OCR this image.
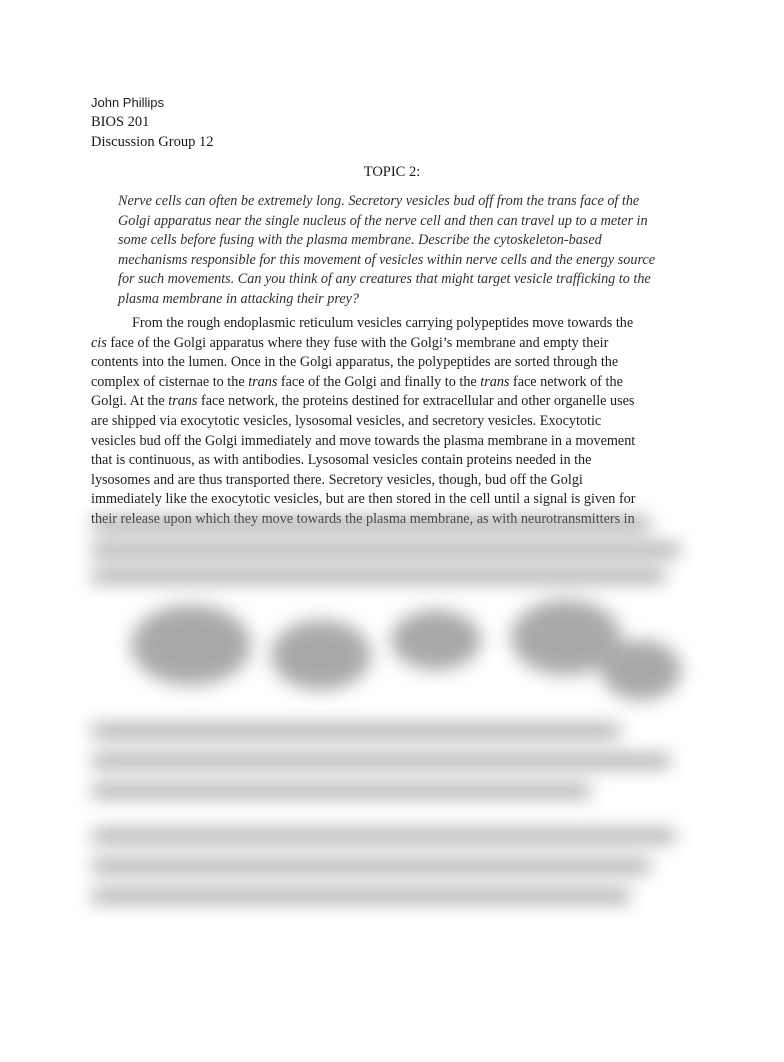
John Phillips
BIOS 201
Discussion Group 12
TOPIC 2:
Nerve cells can often be extremely long. Secretory vesicles bud off from the trans face of the
Golgi apparatus near the single nucleus of the nerve cell and then can travel up to a meter in
some cells before fusing with the plasma membrane. Describe the cytoskeleton-based
mechanisms responsible for this movement of vesicles within nerve cells and the energy source
for such movements. Can you think of any creatures that might target vesicle trafficking to the
plasma membrane in attacking their prey?
From the rough endoplasmic reticulum vesicles carrying polypeptides move towards the
cis face of the Golgi apparatus where they fuse with the Golgi’s membrane and empty their
contents into the lumen. Once in the Golgi apparatus, the polypeptides are sorted through the
complex of cisternae to the trans face of the Golgi and finally to the trans face network of the
Golgi. At the trans face network, the proteins destined for extracellular and other organelle uses
are shipped via exocytotic vesicles, lysosomal vesicles, and secretory vesicles. Exocytotic
vesicles bud off the Golgi immediately and move towards the plasma membrane in a movement
that is continuous, as with antibodies. Lysosomal vesicles contain proteins needed in the
lysosomes and are thus transported there. Secretory vesicles, though, bud off the Golgi
immediately like the exocytotic vesicles, but are then stored in the cell until a signal is given for
